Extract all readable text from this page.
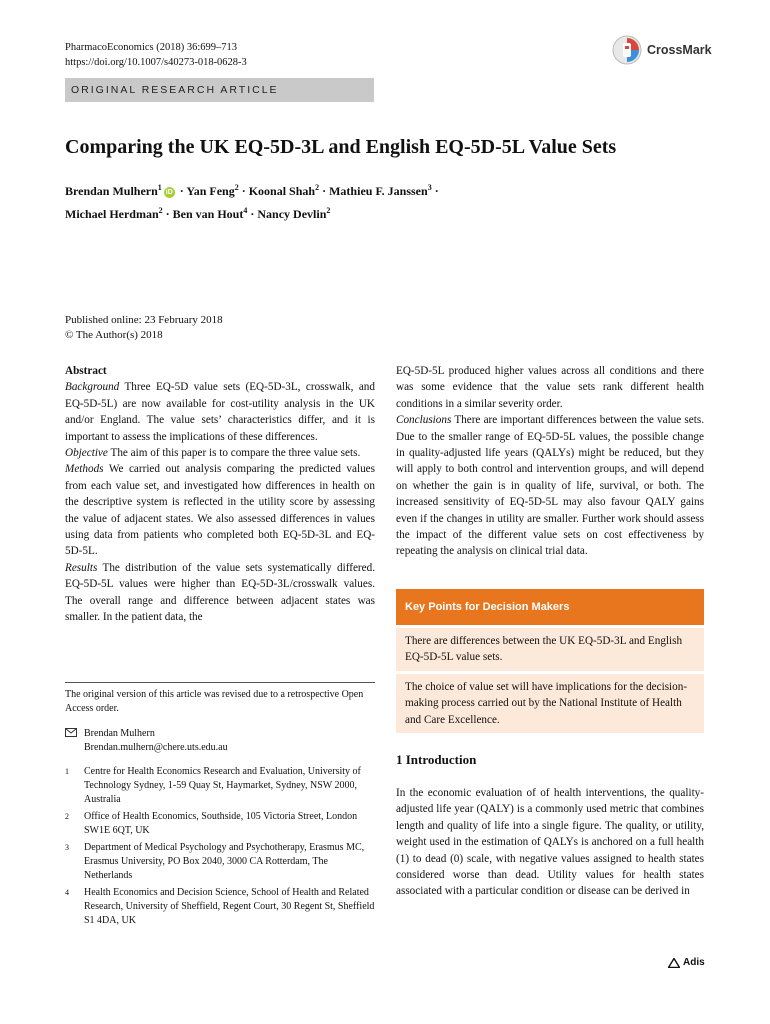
PharmacoEconomics (2018) 36:699–713
https://doi.org/10.1007/s40273-018-0628-3
CrossMark
ORIGINAL RESEARCH ARTICLE
Comparing the UK EQ-5D-3L and English EQ-5D-5L Value Sets
Brendan Mulhern$^1$iD · Yan Feng$^2$ · Koonal Shah$^2$ · Mathieu F. Janssen$^3$ ·
Michael Herdman$^2$ · Ben van Hout$^4$ · Nancy Devlin$^2$
Published online: 23 February 2018
© The Author(s) 2018
Abstract
Background Three EQ-5D value sets (EQ-5D-3L, crosswalk, and EQ-5D-5L) are now available for cost-utility analysis in the UK and/or England. The value sets’ characteristics differ, and it is important to assess the implications of these differences.
Objective The aim of this paper is to compare the three value sets.
Methods We carried out analysis comparing the predicted values from each value set, and investigated how differences in health on the descriptive system is reflected in the utility score by assessing the value of adjacent states. We also assessed differences in values using data from patients who completed both EQ-5D-3L and EQ-5D-5L.
Results The distribution of the value sets systematically differed. EQ-5D-5L values were higher than EQ-5D-3L/crosswalk values. The overall range and difference between adjacent states was smaller. In the patient data, the
EQ-5D-5L produced higher values across all conditions and there was some evidence that the value sets rank different health conditions in a similar severity order.
Conclusions There are important differences between the value sets. Due to the smaller range of EQ-5D-5L values, the possible change in quality-adjusted life years (QALYs) might be reduced, but they will apply to both control and intervention groups, and will depend on whether the gain is in quality of life, survival, or both. The increased sensitivity of EQ-5D-5L may also favour QALY gains even if the changes in utility are smaller. Further work should assess the impact of the different value sets on cost effectiveness by repeating the analysis on clinical trial data.
Key Points for Decision Makers
There are differences between the UK EQ-5D-3L and English EQ-5D-5L value sets.
The choice of value set will have implications for the decision-making process carried out by the National Institute of Health and Care Excellence.
The original version of this article was revised due to a retrospective Open Access order.
Brendan Mulhern
Brendan.mulhern@chere.uts.edu.au
1 Centre for Health Economics Research and Evaluation, University of Technology Sydney, 1-59 Quay St, Haymarket, Sydney, NSW 2000, Australia
2 Office of Health Economics, Southside, 105 Victoria Street, London SW1E 6QT, UK
3 Department of Medical Psychology and Psychotherapy, Erasmus MC, Erasmus University, PO Box 2040, 3000 CA Rotterdam, The Netherlands
4 Health Economics and Decision Science, School of Health and Related Research, University of Sheffield, Regent Court, 30 Regent St, Sheffield S1 4DA, UK
1 Introduction
In the economic evaluation of of health interventions, the quality-adjusted life year (QALY) is a commonly used metric that combines length and quality of life into a single figure. The quality, or utility, weight used in the estimation of QALYs is anchored on a full health (1) to dead (0) scale, with negative values assigned to health states considered worse than dead. Utility values for health states associated with a particular condition or disease can be derived in
Adis
